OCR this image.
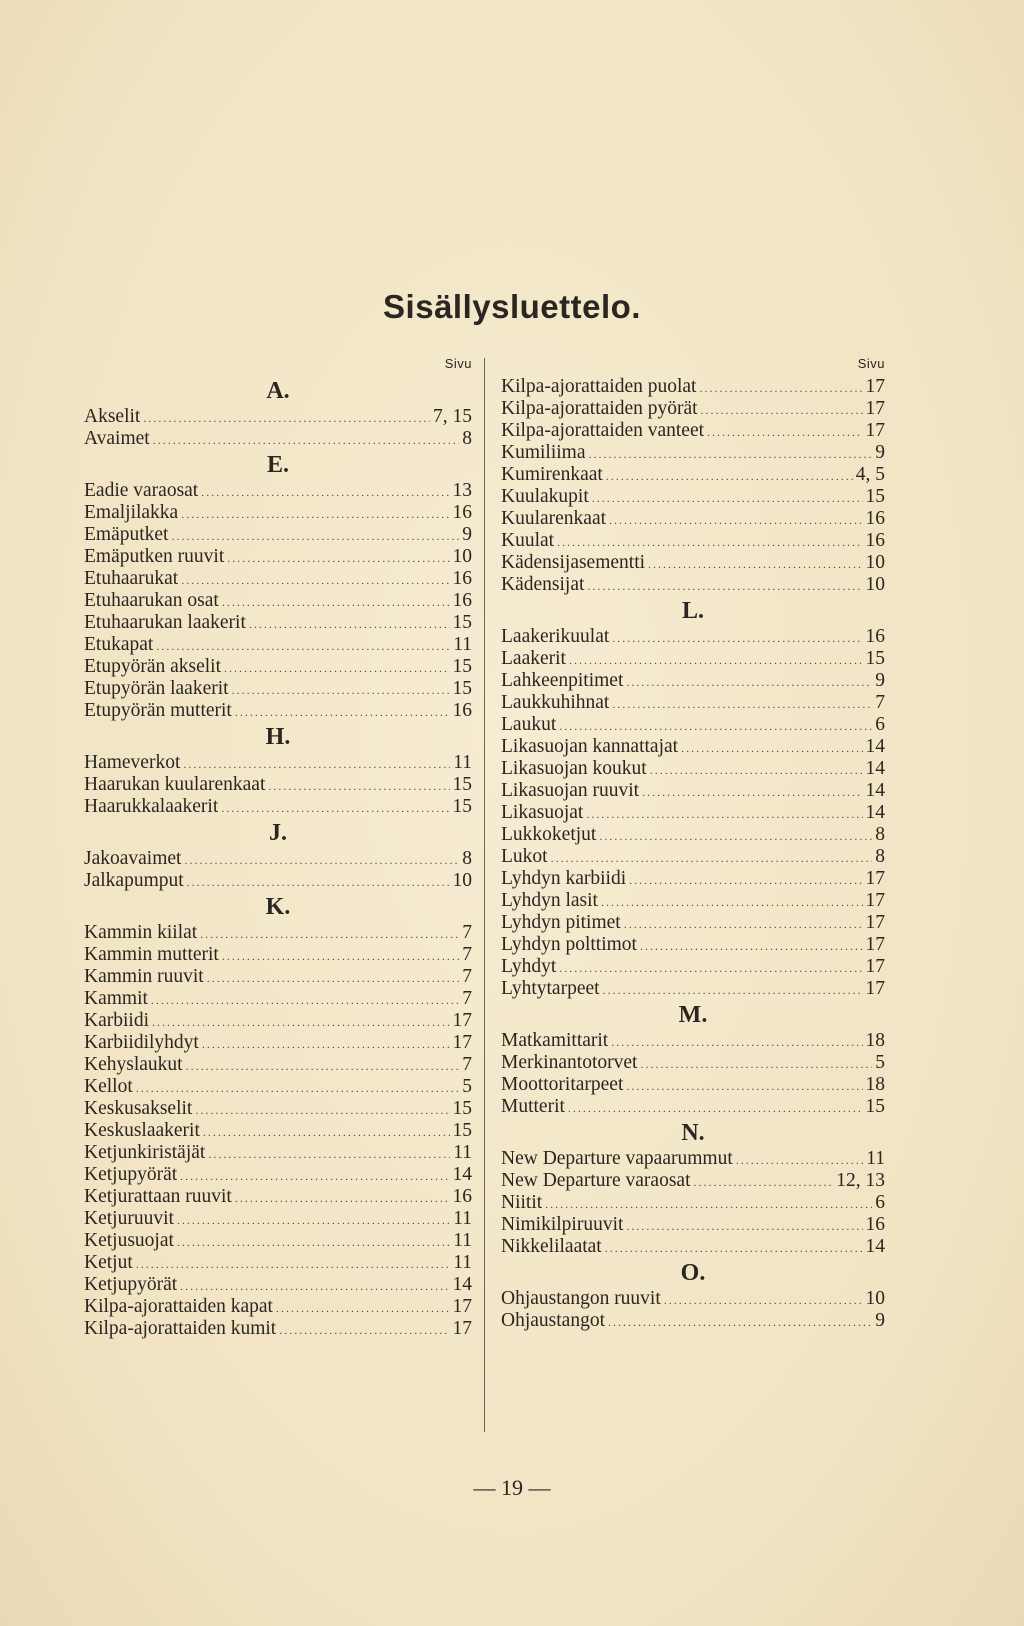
Sisällysluettelo.
Sivu
A.
Akselit .....	7, 15
Avaimet .....	8
E.
Eadie varaosat .....	13
Emaljilakka .....	16
Emäputket .....	9
Emäputken ruuvit .....	10
Etuhaarukat .....	16
Etuhaarukan osat .....	16
Etuhaarukan laakerit .....	15
Etukapat .....	11
Etupyörän akselit .....	15
Etupyörän laakerit .....	15
Etupyörän mutterit .....	16
H.
Hameverkot .....	11
Haarukan kuularenkaat .....	15
Haarukkalaakerit .....	15
J.
Jakoavaimet .....	8
Jalkapumput .....	10
K.
Kammin kiilat .....	7
Kammin mutterit .....	7
Kammin ruuvit .....	7
Kammit .....	7
Karbiidi .....	17
Karbiidilyhdyt .....	17
Kehyslaukut .....	7
Kellot .....	5
Keskusakselit .....	15
Keskuslaakerit .....	15
Ketjunkiristäjät .....	11
Ketjupyörät .....	14
Ketjurattaan ruuvit .....	16
Ketjuruuvit .....	11
Ketjusuojat .....	11
Ketjut .....	11
Ketjupyörät .....	14
Kilpa-ajorattaiden kapat .....	17
Kilpa-ajorattaiden kumit .....	17
Sivu
Kilpa-ajorattaiden puolat .....	17
Kilpa-ajorattaiden pyörät .....	17
Kilpa-ajorattaiden vanteet .....	17
Kumiliima .....	9
Kumirenkaat .....	4, 5
Kuulakupit .....	15
Kuularenkaat .....	16
Kuulat .....	16
Kädensijasementti .....	10
Kädensijat .....	10
L.
Laakerikuulat .....	16
Laakerit .....	15
Lahkeenpitimet .....	9
Laukkuhihnat .....	7
Laukut .....	6
Likasuojan kannattajat .....	14
Likasuojan koukut .....	14
Likasuojan ruuvit .....	14
Likasuojat .....	14
Lukkoketjut .....	8
Lukot .....	8
Lyhdyn karbiidi .....	17
Lyhdyn lasit .....	17
Lyhdyn pitimet .....	17
Lyhdyn polttimot .....	17
Lyhdyt .....	17
Lyhtytarpeet .....	17
M.
Matkamittarit .....	18
Merkinantotorvet .....	5
Moottoritarpeet .....	18
Mutterit .....	15
N.
New Departure vapaarummut .....	11
New Departure varaosat .....	12, 13
Niitit .....	6
Nimikilpiruuvit .....	16
Nikkelilaatat .....	14
O.
Ohjaustangon ruuvit .....	10
Ohjaustangot .....	9
— 19 —
